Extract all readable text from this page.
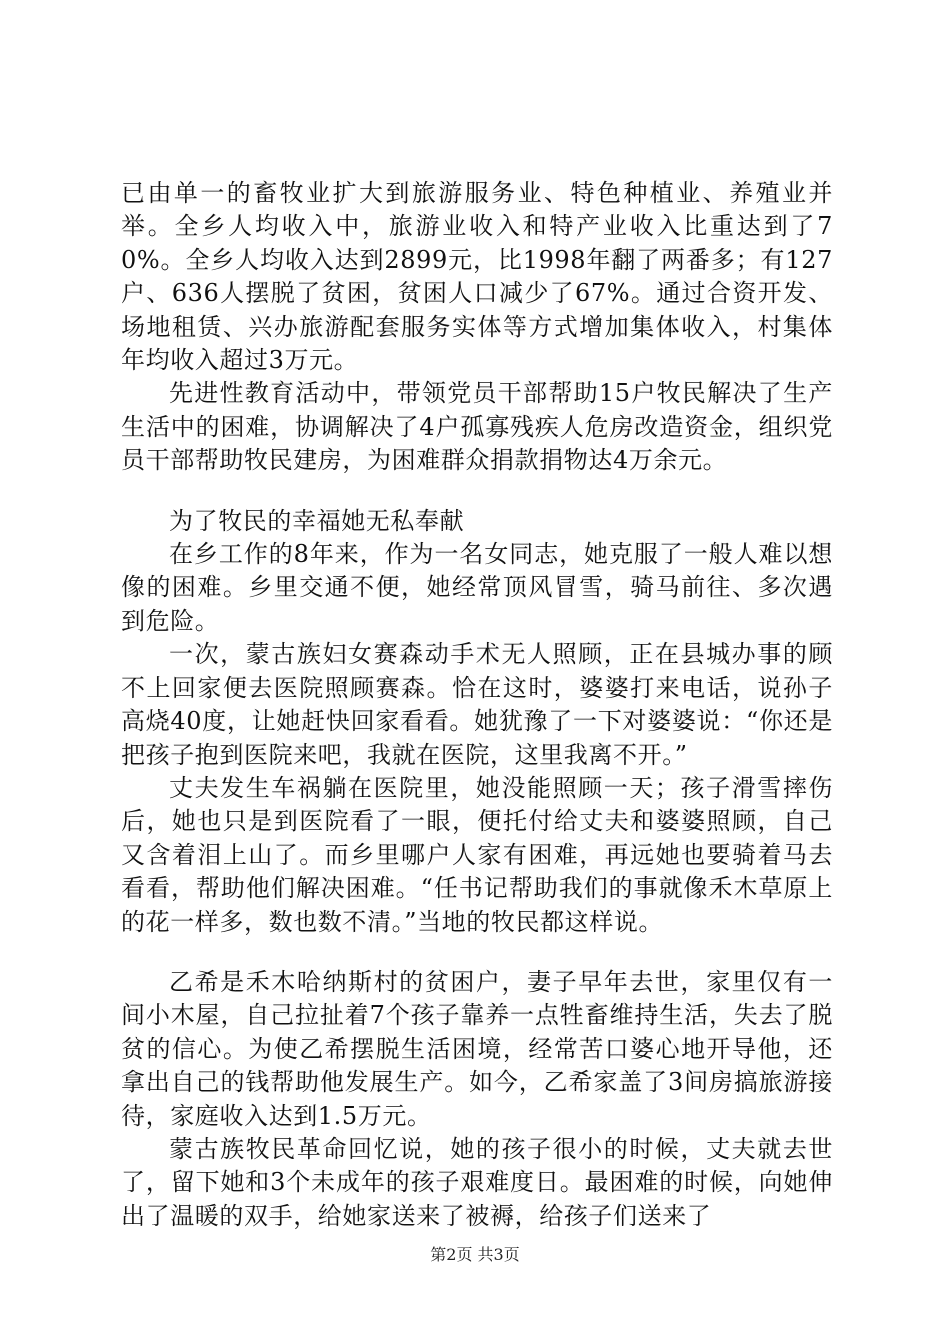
已由单一的畜牧业扩大到旅游服务业、特色种植业、养殖业并举。全乡人均收入中，旅游业收入和特产业收入比重达到了70%。全乡人均收入达到2899元，比1998年翻了两番多；有127户、636人摆脱了贫困，贫困人口减少了67%。通过合资开发、场地租赁、兴办旅游配套服务实体等方式增加集体收入，村集体年均收入超过3万元。

先进性教育活动中，带领党员干部帮助15户牧民解决了生产生活中的困难，协调解决了4户孤寡残疾人危房改造资金，组织党员干部帮助牧民建房，为困难群众捐款捐物达4万余元。

为了牧民的幸福她无私奉献

在乡工作的8年来，作为一名女同志，她克服了一般人难以想像的困难。乡里交通不便，她经常顶风冒雪，骑马前往、多次遇到危险。

一次，蒙古族妇女赛森动手术无人照顾，正在县城办事的顾不上回家便去医院照顾赛森。恰在这时，婆婆打来电话，说孙子高烧40度，让她赶快回家看看。她犹豫了一下对婆婆说：“你还是把孩子抱到医院来吧，我就在医院，这里我离不开。”

丈夫发生车祸躺在医院里，她没能照顾一天；孩子滑雪摔伤后，她也只是到医院看了一眼，便托付给丈夫和婆婆照顾，自己又含着泪上山了。而乡里哪户人家有困难，再远她也要骑着马去看看，帮助他们解决困难。“任书记帮助我们的事就像禾木草原上的花一样多，数也数不清。”当地的牧民都这样说。

乙希是禾木哈纳斯村的贫困户，妻子早年去世，家里仅有一间小木屋，自己拉扯着7个孩子靠养一点牲畜维持生活，失去了脱贫的信心。为使乙希摆脱生活困境，经常苦口婆心地开导他，还拿出自己的钱帮助他发展生产。如今，乙希家盖了3间房搞旅游接待，家庭收入达到1.5万元。

蒙古族牧民革命回忆说，她的孩子很小的时候，丈夫就去世了，留下她和3个未成年的孩子艰难度日。最困难的时候，向她伸出了温暖的双手，给她家送来了被褥，给孩子们送来了

第2页 共3页
